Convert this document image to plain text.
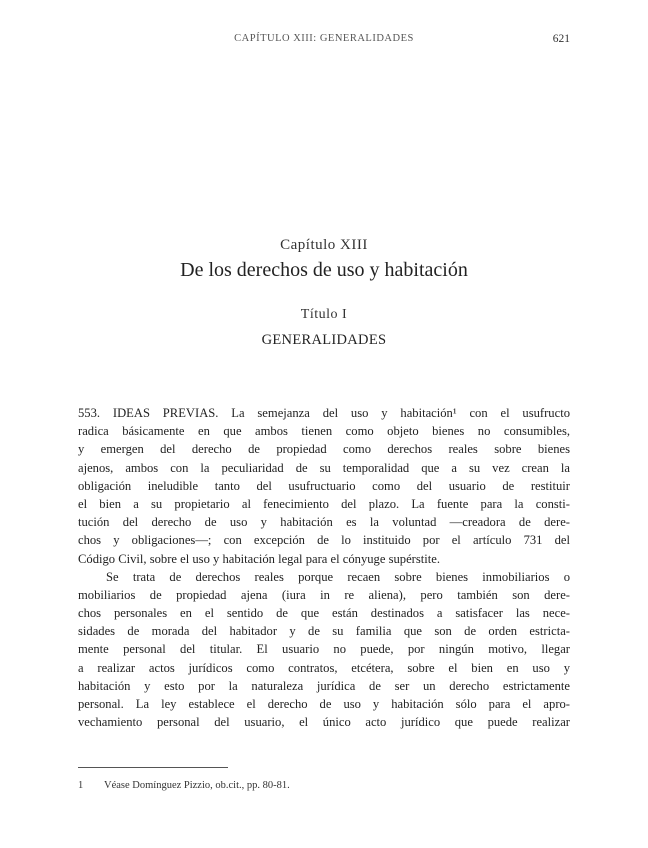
CAPÍTULO XIII: GENERALIDADES	621
Capítulo XIII
De los derechos de uso y habitación
Título I
GENERALIDADES
553. IDEAS PREVIAS. La semejanza del uso y habitación¹ con el usufructo
radica básicamente en que ambos tienen como objeto bienes no consumibles,
y emergen del derecho de propiedad como derechos reales sobre bienes
ajenos, ambos con la peculiaridad de su temporalidad que a su vez crean la
obligación ineludible tanto del usufructuario como del usuario de restituir
el bien a su propietario al fenecimiento del plazo. La fuente para la consti-
tución del derecho de uso y habitación es la voluntad —creadora de dere-
chos y obligaciones—; con excepción de lo instituido por el artículo 731 del
Código Civil, sobre el uso y habitación legal para el cónyuge supérstite.
Se trata de derechos reales porque recaen sobre bienes inmobiliarios o
mobiliarios de propiedad ajena (iura in re aliena), pero también son dere-
chos personales en el sentido de que están destinados a satisfacer las nece-
sidades de morada del habitador y de su familia que son de orden estricta-
mente personal del titular. El usuario no puede, por ningún motivo, llegar
a realizar actos jurídicos como contratos, etcétera, sobre el bien en uso y
habitación y esto por la naturaleza jurídica de ser un derecho estrictamente
personal. La ley establece el derecho de uso y habitación sólo para el apro-
vechamiento personal del usuario, el único acto jurídico que puede realizar
1 Véase Domínguez Pizzio, ob.cit., pp. 80-81.
